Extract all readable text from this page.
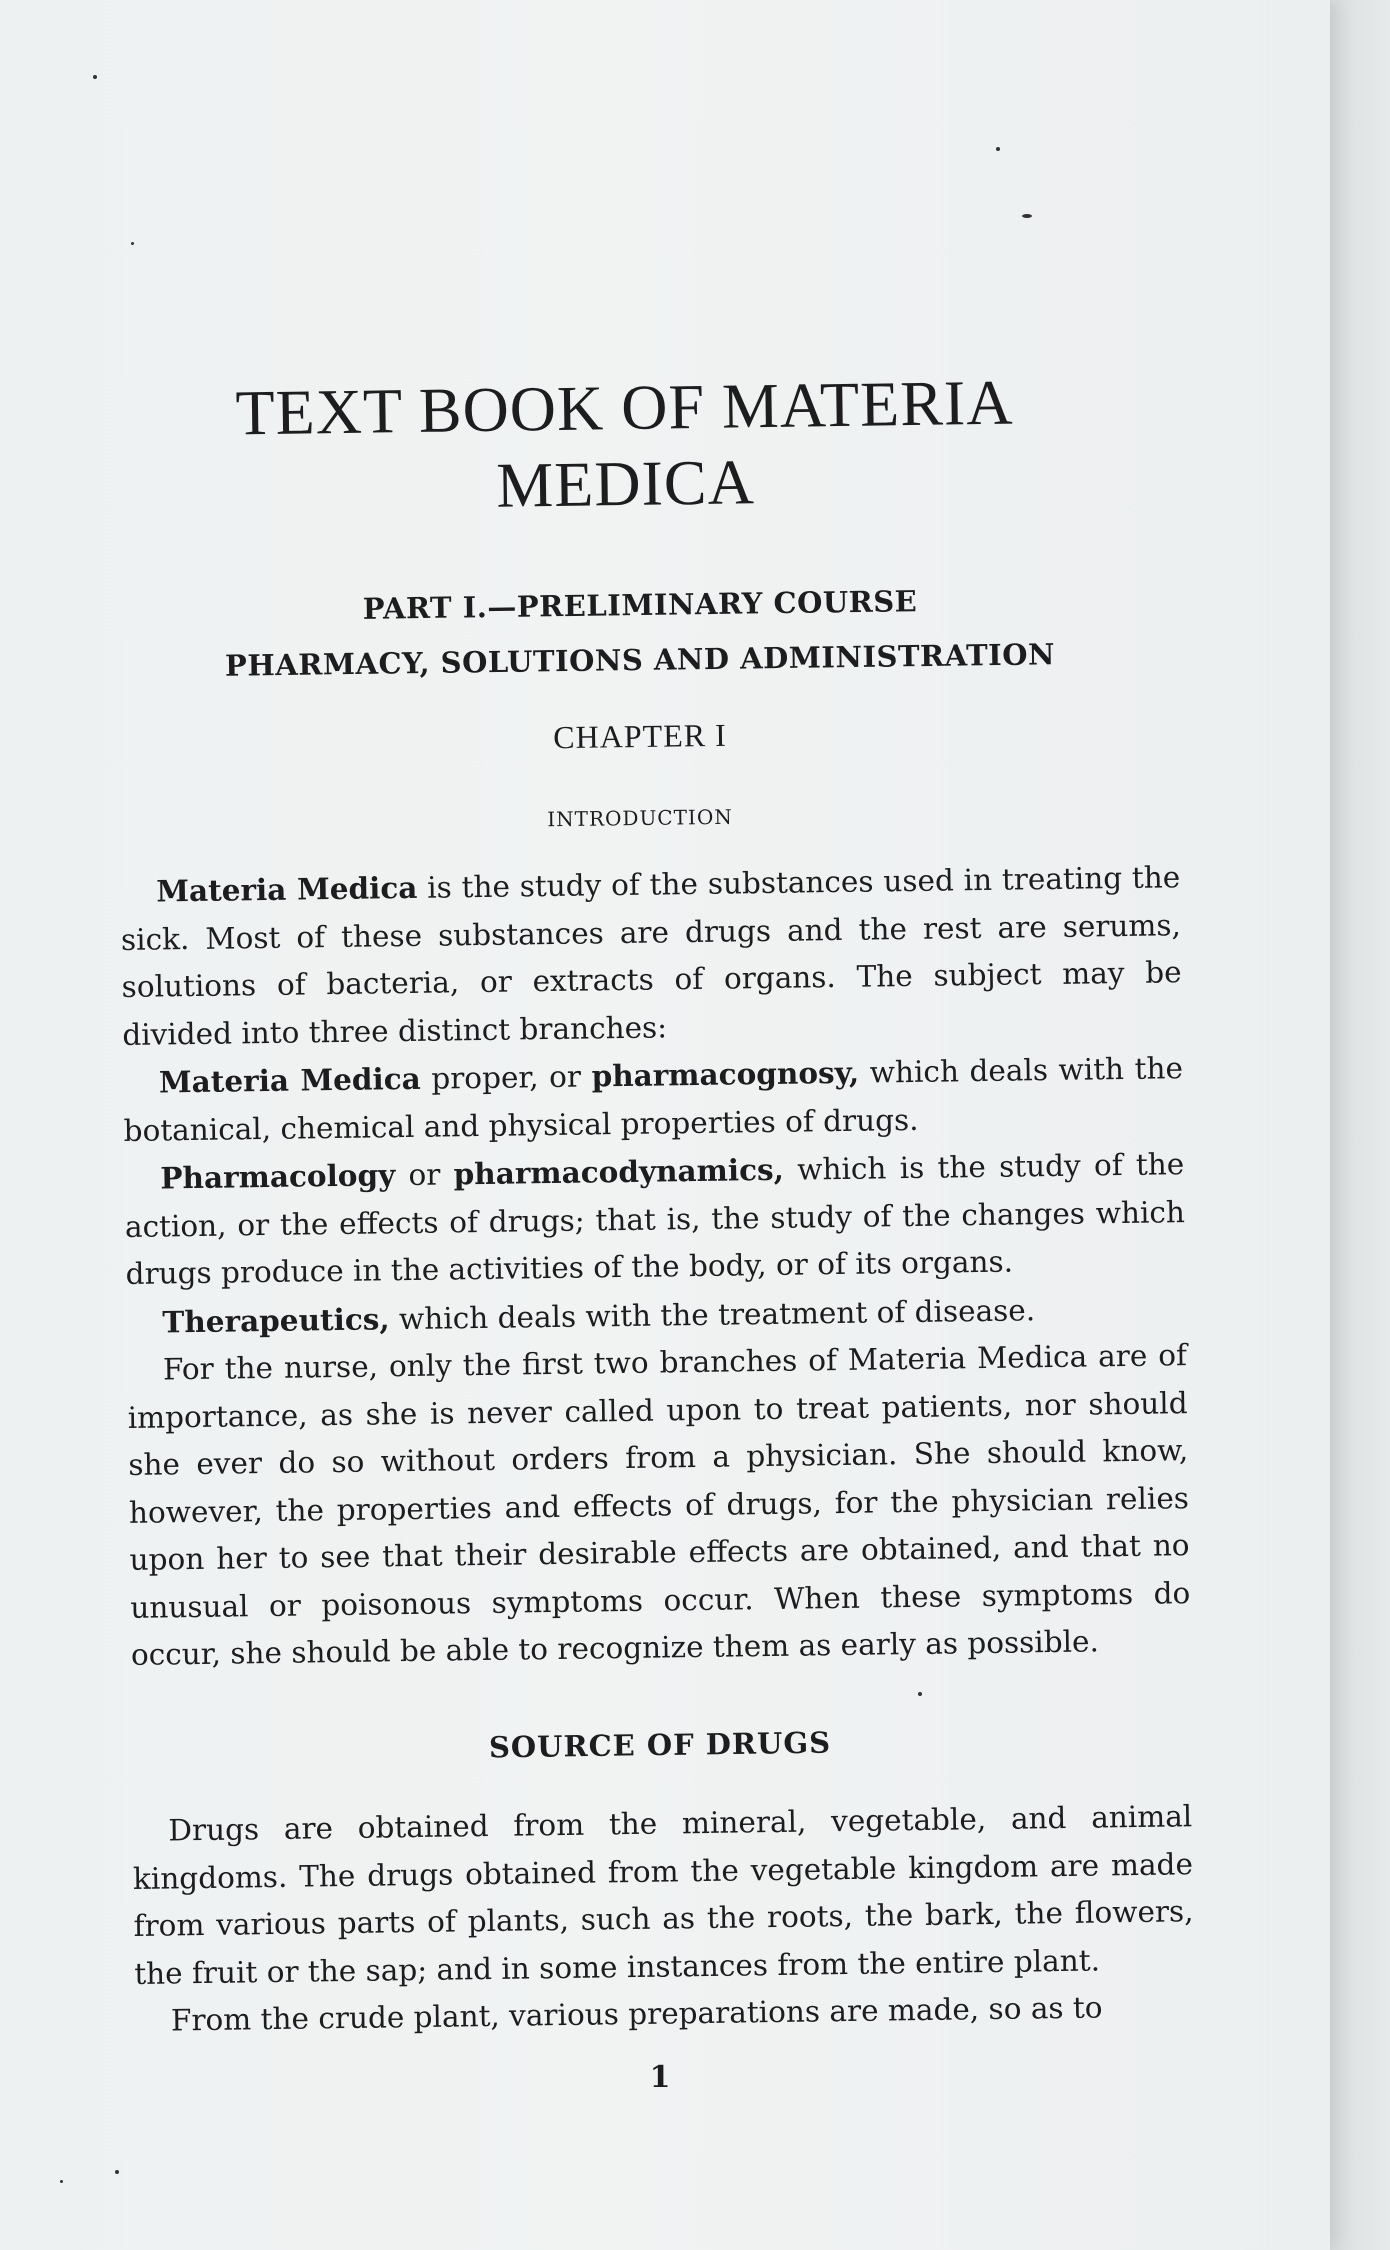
TEXT BOOK OF MATERIA
MEDICA
PART I.—PRELIMINARY COURSE
PHARMACY, SOLUTIONS AND ADMINISTRATION
CHAPTER I
INTRODUCTION

Materia Medica is the study of the substances used in treating the sick. Most of these substances are drugs and the rest are serums, solutions of bacteria, or extracts of organs. The subject may be divided into three distinct branches:

Materia Medica proper, or pharmacognosy, which deals with the botanical, chemical and physical properties of drugs.

Pharmacology or pharmacodynamics, which is the study of the action, or the effects of drugs; that is, the study of the changes which drugs produce in the activities of the body, or of its organs.

Therapeutics, which deals with the treatment of disease.

For the nurse, only the first two branches of Materia Medica are of importance, as she is never called upon to treat patients, nor should she ever do so without orders from a physician. She should know, however, the properties and effects of drugs, for the physician relies upon her to see that their desirable effects are obtained, and that no unusual or poisonous symptoms occur. When these symptoms do occur, she should be able to recognize them as early as possible.

SOURCE OF DRUGS

Drugs are obtained from the mineral, vegetable, and animal kingdoms. The drugs obtained from the vegetable kingdom are made from various parts of plants, such as the roots, the bark, the flowers, the fruit or the sap; and in some instances from the entire plant.

From the crude plant, various preparations are made, so as to

1
